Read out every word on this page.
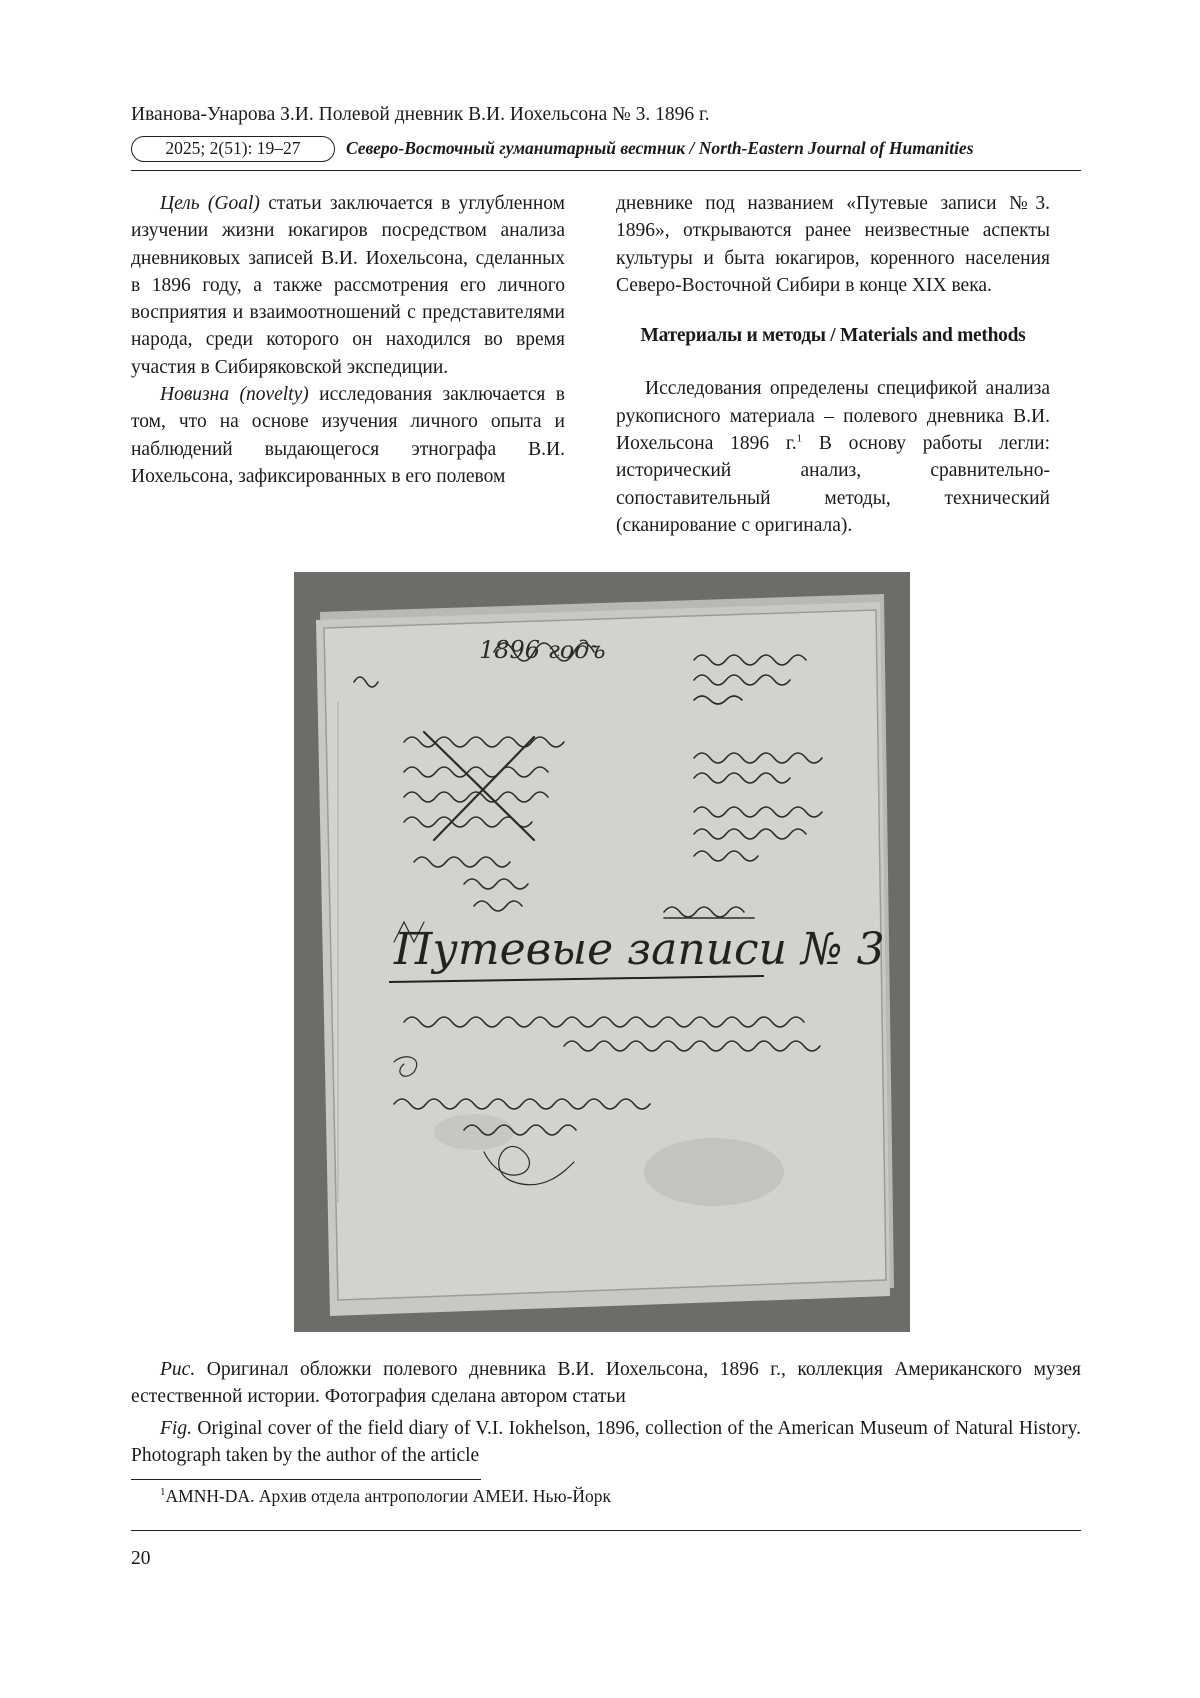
Иванова-Унарова З.И. Полевой дневник В.И. Иохельсона № 3. 1896 г.
2025; 2(51): 19–27	Северо-Восточный гуманитарный вестник / North-Eastern Journal of Humanities

Цель (Goal) статьи заключается в углубленном изучении жизни юкагиров посредством анализа дневниковых записей В.И. Иохельсона, сделанных в 1896 году, а также рассмотрения его личного восприятия и взаимоотношений с представителями народа, среди которого он находился во время участия в Сибиряковской экспедиции.

Новизна (novelty) исследования заключается в том, что на основе изучения личного опыта и наблюдений выдающегося этнографа В.И. Иохельсона, зафиксированных в его полевом

дневнике под названием «Путевые записи №3. 1896», открываются ранее неизвестные аспекты культуры и быта юкагиров, коренного населения Северо-Восточной Сибири в конце XIX века.

Материалы и методы / Materials and methods

Исследования определены спецификой анализа рукописного материала – полевого дневника В.И. Иохельсона 1896 г.$^1$ В основу работы легли: исторический анализ, сравнительно-сопоставительный методы, технический (сканирование с оригинала).

Путевые записи № 3
1896 годъ
Рис. Оригинал обложки полевого дневника В.И. Иохельсона, 1896 г., коллекция Американского музея естественной истории. Фотография сделана автором статьи
Fig. Original cover of the field diary of V.I. Iokhelson, 1896, collection of the American Museum of Natural History. Photograph taken by the author of the article
$^1$AMNH-DA. Архив отдела антропологии АМЕИ. Нью-Йорк
20
